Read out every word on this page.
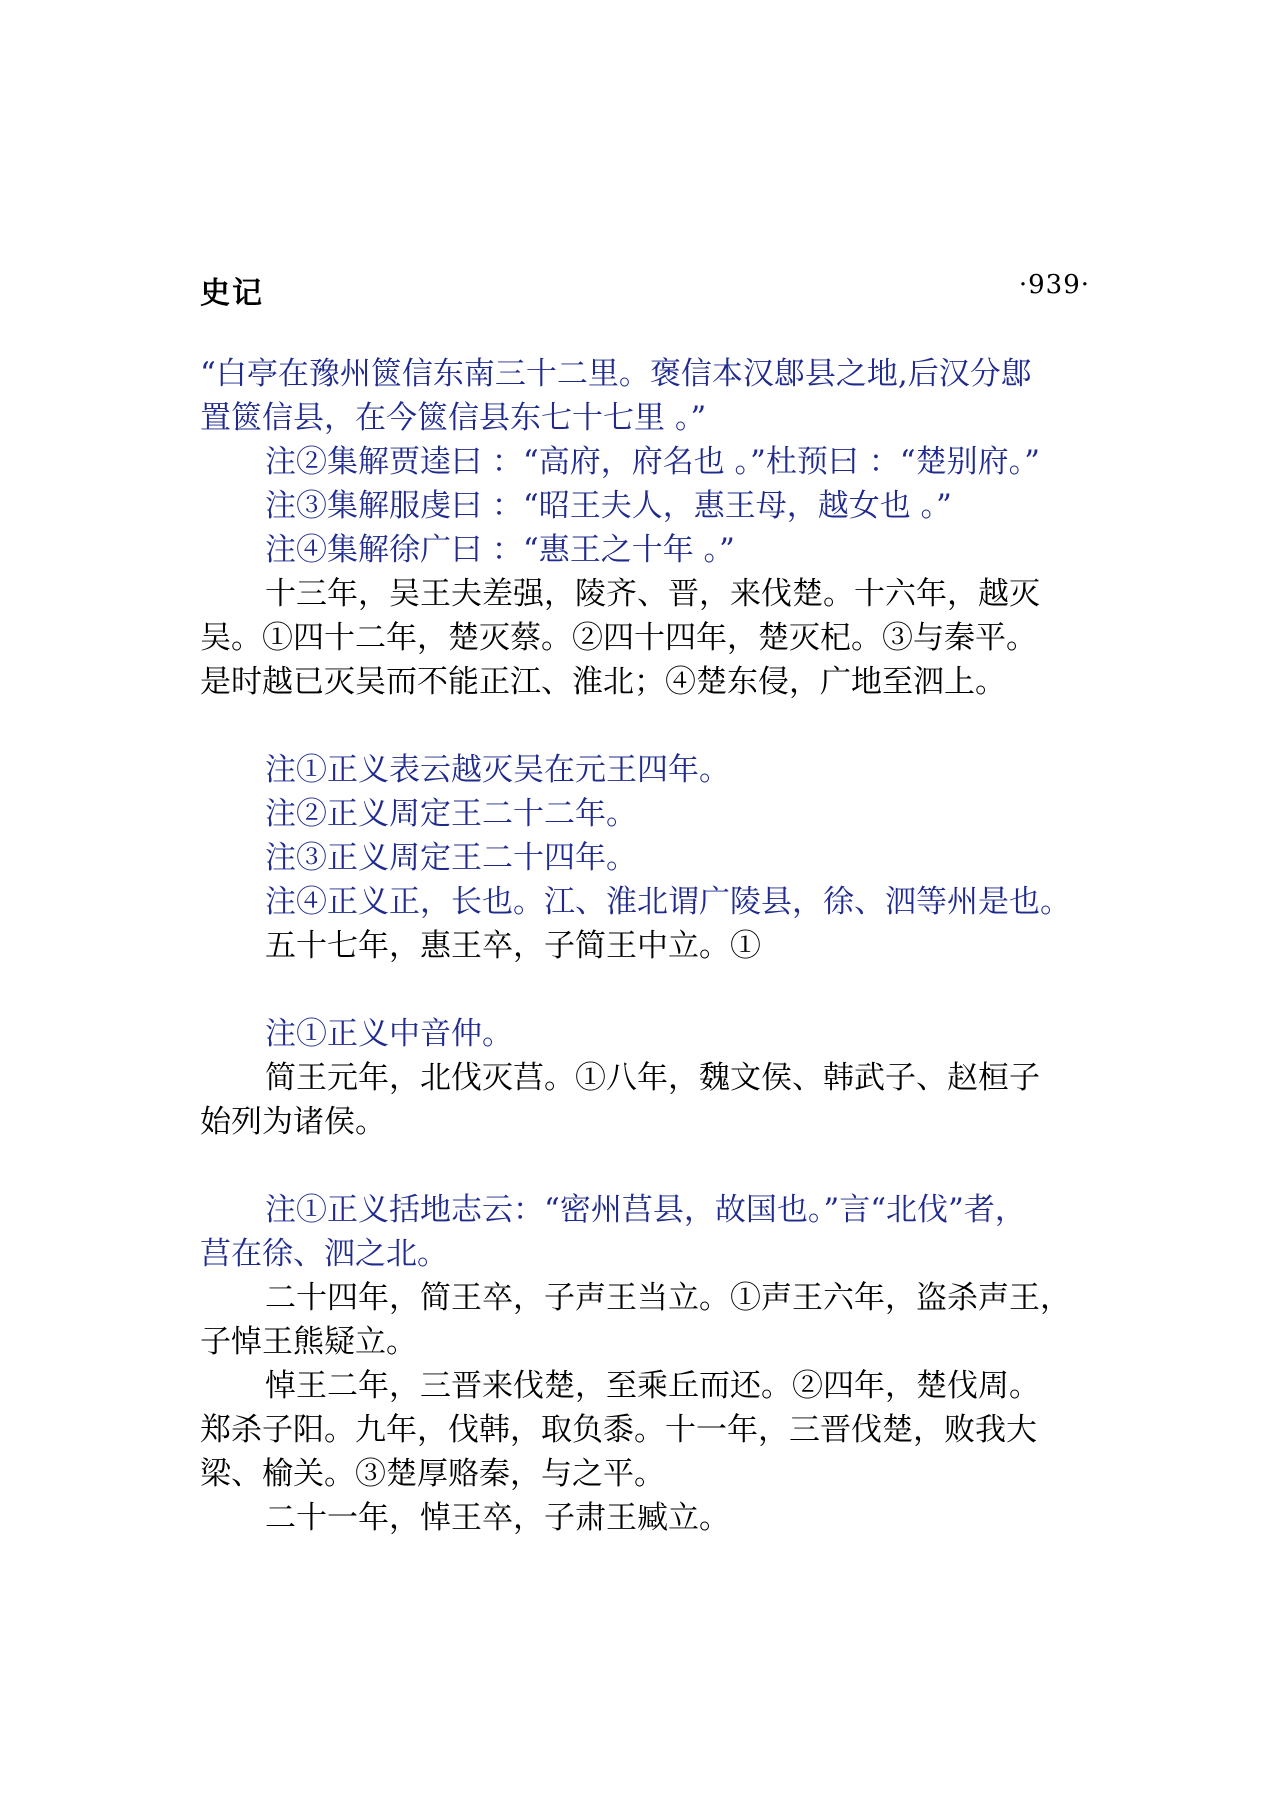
史记	·939·
“白亭在豫州篋信东南三十二里。褒信本汉鄎县之地,后汉分鄎
置篋信县，在今篋信县东七十七里 。”
注②集解贾逵曰 ：“高府，府名也 。”杜预曰 ：“楚别府。”
注③集解服虔曰 ：“昭王夫人，惠王母，越女也 。”
注④集解徐广曰 ：“惠王之十年 。”
十三年，吴王夫差强，陵齐、晋，来伐楚。十六年，越灭
吴。①四十二年，楚灭蔡。②四十四年，楚灭杞。③与秦平。
是时越已灭吴而不能正江、淮北；④楚东侵，广地至泗上。
注①正义表云越灭吴在元王四年。
注②正义周定王二十二年。
注③正义周定王二十四年。
注④正义正，长也。江、淮北谓广陵县，徐、泗等州是也。
五十七年，惠王卒，子简王中立。①
注①正义中音仲。
简王元年，北伐灭莒。①八年，魏文侯、韩武子、赵桓子
始列为诸侯。
注①正义括地志云：“密州莒县，故国也。”言“北伐”者，
莒在徐、泗之北。
二十四年，简王卒，子声王当立。①声王六年，盗杀声王，
子悼王熊疑立。
悼王二年，三晋来伐楚，至乘丘而还。②四年，楚伐周。
郑杀子阳。九年，伐韩，取负黍。十一年，三晋伐楚，败我大
梁、榆关。③楚厚赂秦，与之平。
二十一年，悼王卒，子肃王臧立。
